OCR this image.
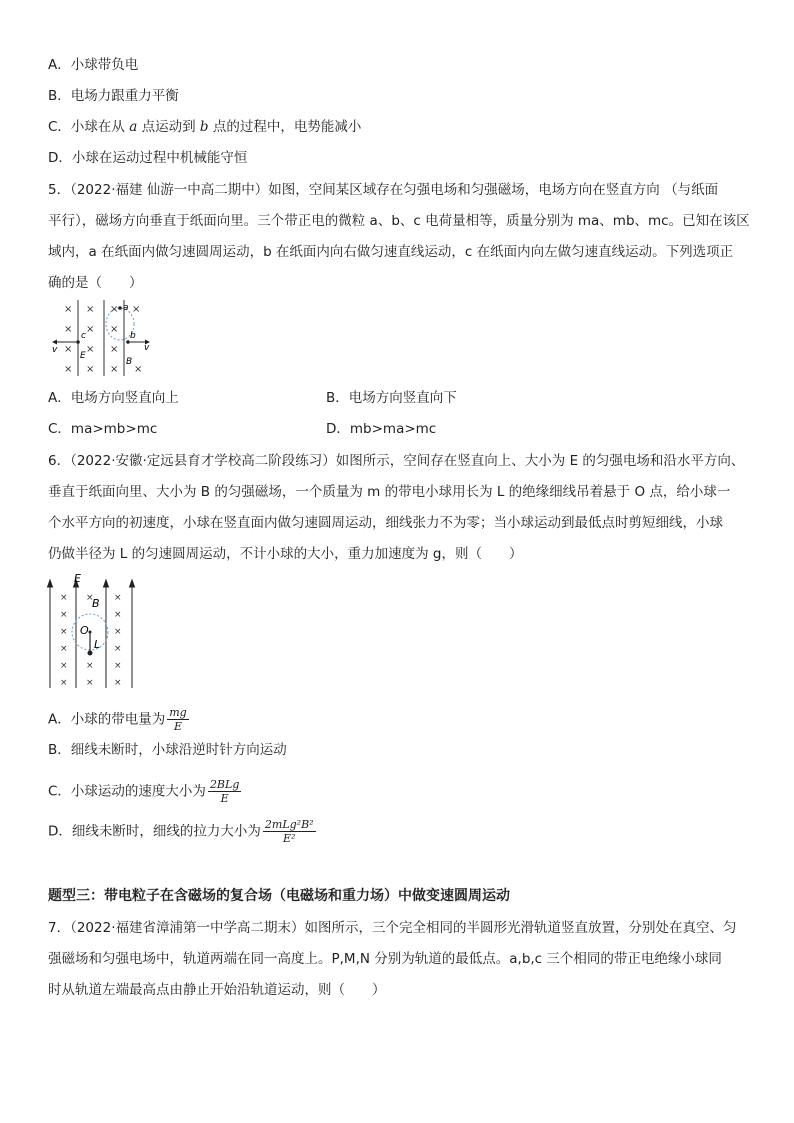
A．小球带负电
B．电场力跟重力平衡
C．小球在从 a 点运动到 b 点的过程中，电势能减小
D．小球在运动过程中机械能守恒
5．（2022·福建 仙游一中高二期中）如图，空间某区域存在匀强电场和匀强磁场，电场方向在竖直方向 （与纸面
平行），磁场方向垂直于纸面向里。三个带正电的微粒 a、b、c 电荷量相等，质量分别为 ma、mb、mc。已知在该区
域内，a 在纸面内做匀速圆周运动，b 在纸面内向右做匀速直线运动，c 在纸面内向左做匀速直线运动。下列选项正
确的是（　　）
× × × ×
× × ×
× × ×
× × × ×
a
c	b
v	v
E
B
A．电场方向竖直向上	B．电场方向竖直向下
C．ma>mb>mc	D．mb>ma>mc
6．（2022·安徽·定远县育才学校高二阶段练习）如图所示，空间存在竖直向上、大小为 E 的匀强电场和沿水平方向、
垂直于纸面向里、大小为 B 的匀强磁场，一个质量为 m 的带电小球用长为 L 的绝缘细线吊着悬于 O 点，给小球一
个水平方向的初速度，小球在竖直面内做匀速圆周运动，细线张力不为零；当小球运动到最低点时剪短细线，小球
仍做半径为 L 的匀速圆周运动，不计小球的大小，重力加速度为 g，则（　　）
E
O
L
B
× × ×
×	×
×	×
×	×
× × ×
× × ×
A．小球的带电量为 $\frac{mg}{E}$
B．细线未断时，小球沿逆时针方向运动
C．小球运动的速度大小为 $\frac{\text{2BLg}}{E}$
D．细线未断时，细线的拉力大小为 $\frac{\text{2mLg²B²}}{\text{E²}}$
题型三：带电粒子在含磁场的复合场（电磁场和重力场）中做变速圆周运动
7．（2022·福建省漳浦第一中学高二期末）如图所示，三个完全相同的半圆形光滑轨道竖直放置，分别处在真空、匀
强磁场和匀强电场中，轨道两端在同一高度上。P,M,N 分别为轨道的最低点。a,b,c 三个相同的带正电绝缘小球同
时从轨道左端最高点由静止开始沿轨道运动，则（　　）
